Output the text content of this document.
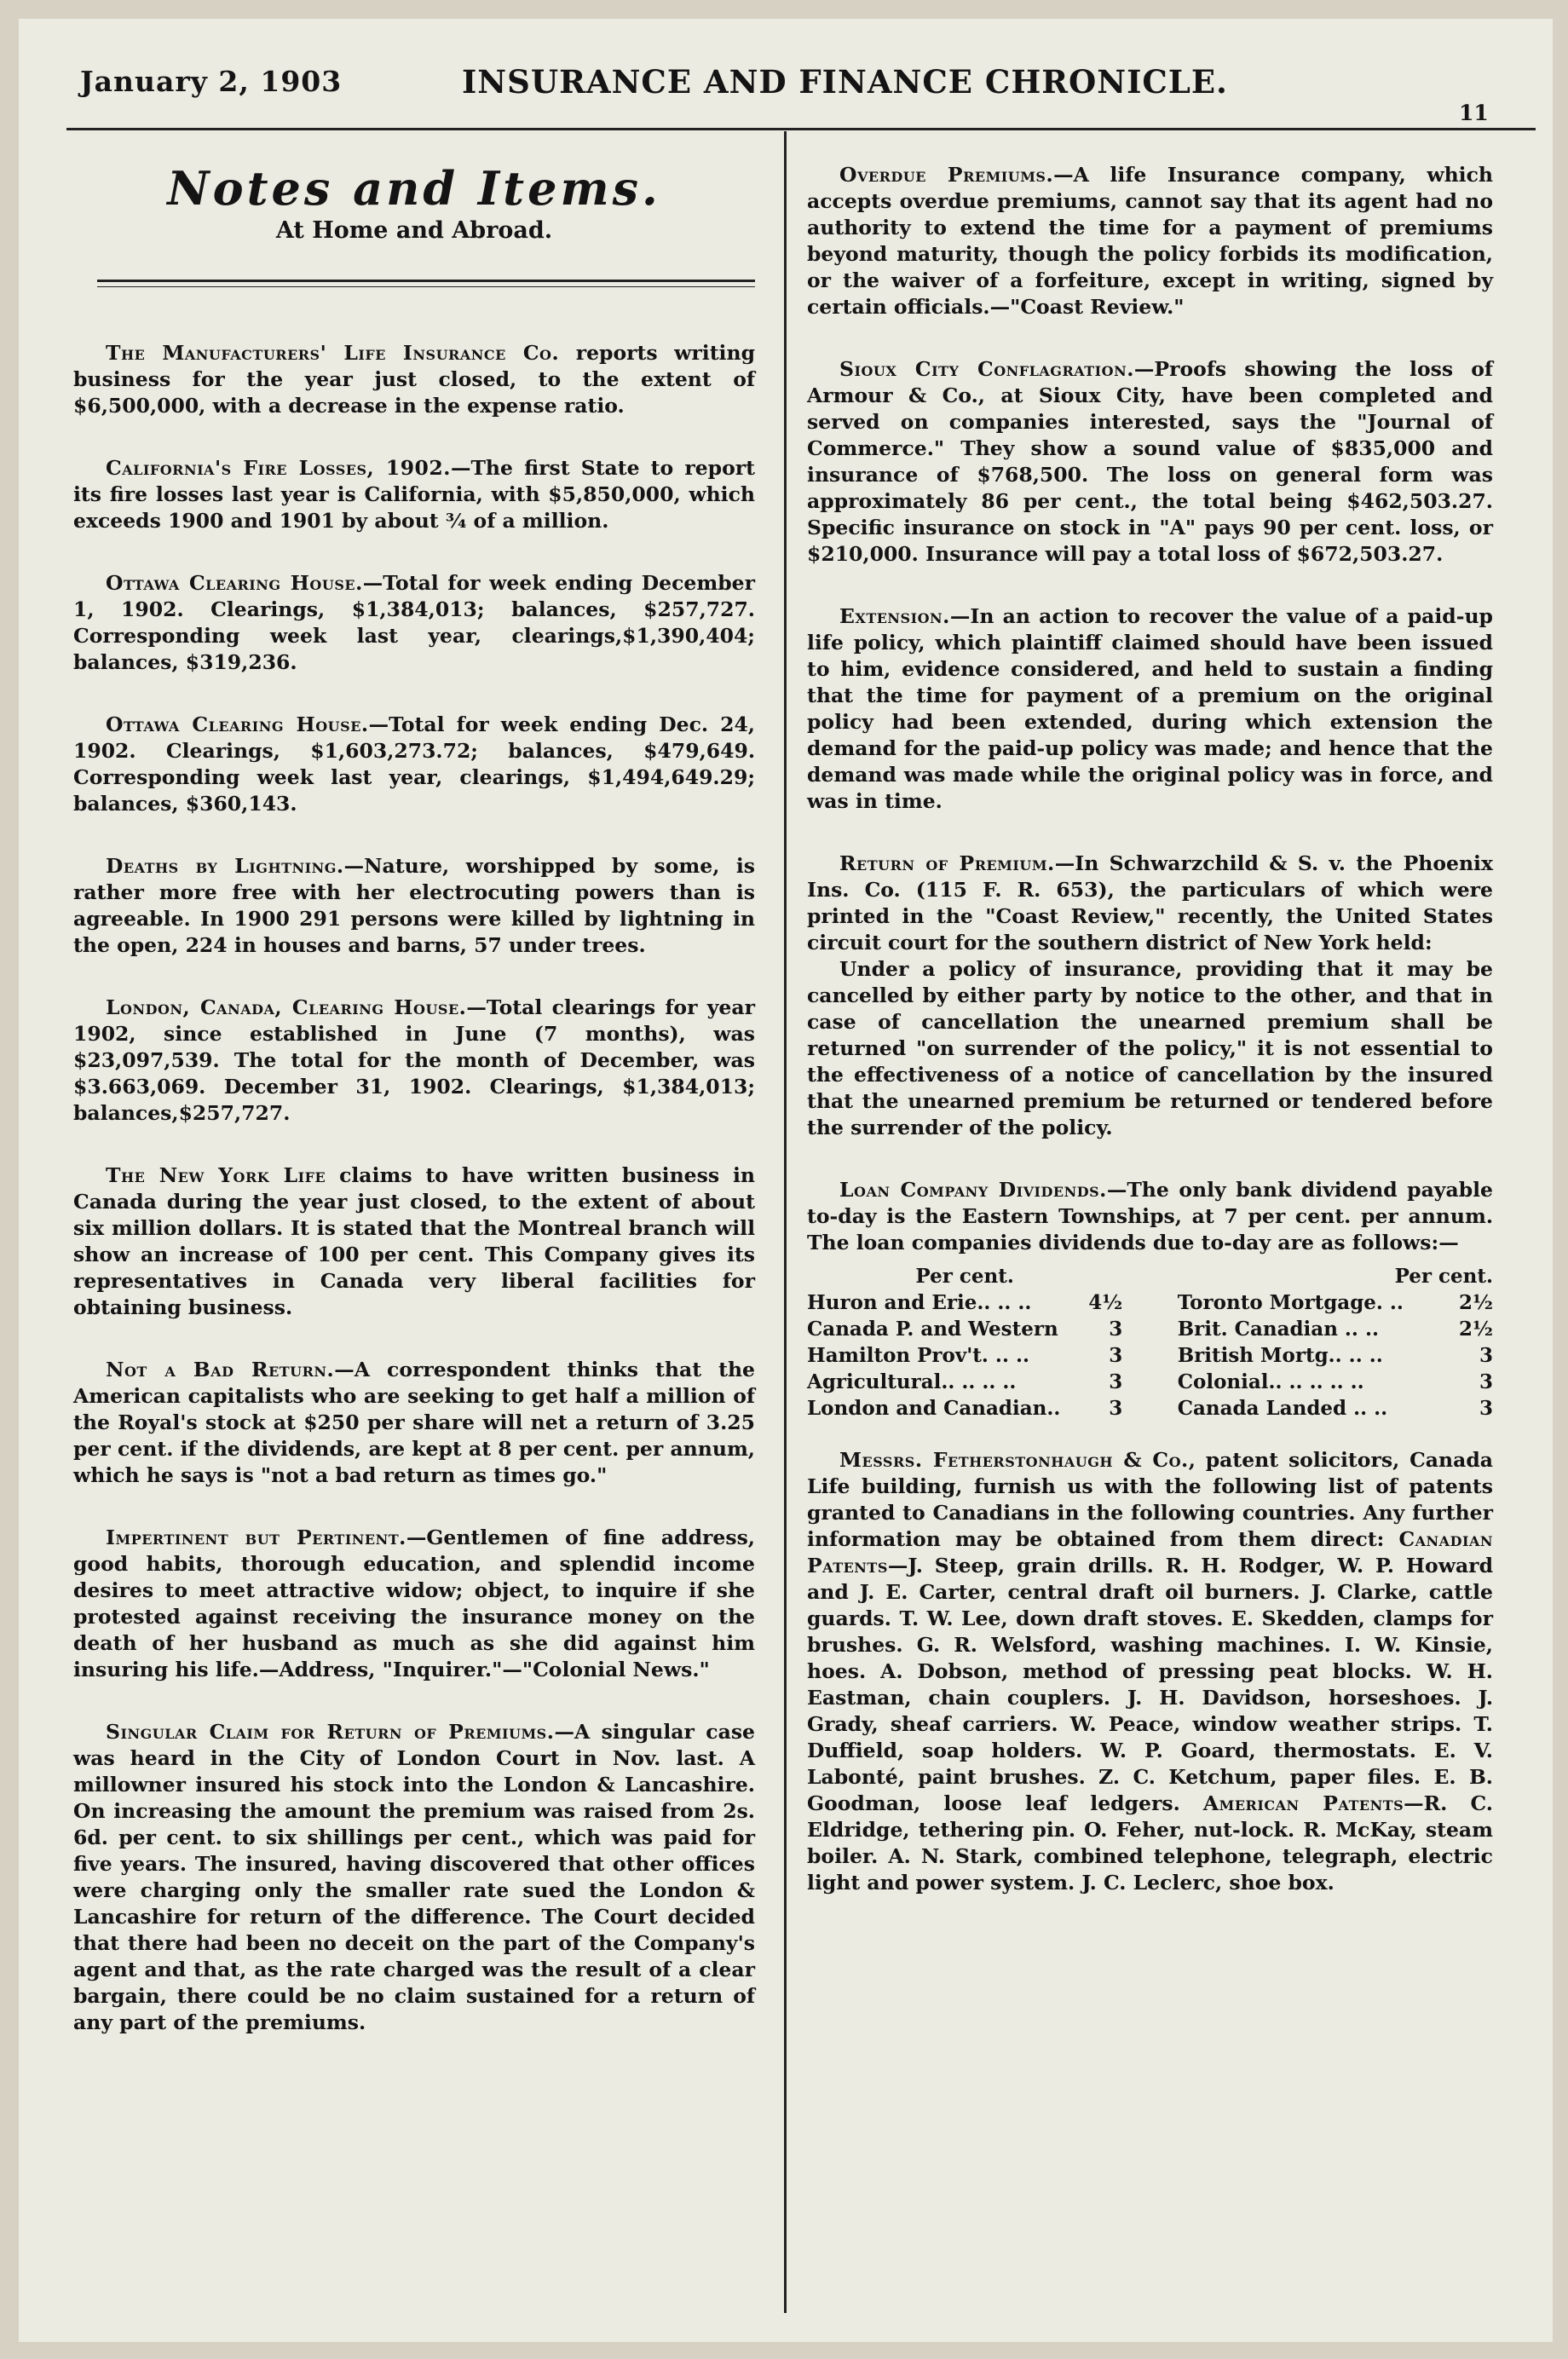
January 2, 1903	INSURANCE AND FINANCE CHRONICLE.
11
Notes and Items.
At Home and Abroad.

The Manufacturers' Life Insurance Co. reports writing business for the year just closed, to the extent of $6,500,000, with a decrease in the expense ratio.

California's Fire Losses, 1902.—The first State to report its fire losses last year is California, with $5,850,000, which exceeds 1900 and 1901 by about ¾ of a million.

Ottawa Clearing House.—Total for week ending December 1, 1902. Clearings, $1,384,013; balances, $257,727. Corresponding week last year, clearings,$1,390,404; balances, $319,236.

Ottawa Clearing House.—Total for week ending Dec. 24, 1902. Clearings, $1,603,273.72; balances, $479,649. Corresponding week last year, clearings, $1,494,649.29; balances, $360,143.

Deaths by Lightning.—Nature, worshipped by some, is rather more free with her electrocuting powers than is agreeable. In 1900 291 persons were killed by lightning in the open, 224 in houses and barns, 57 under trees.

London, Canada, Clearing House.—Total clearings for year 1902, since established in June (7 months), was $23,097,539. The total for the month of December, was $3.663,069. December 31, 1902. Clearings, $1,384,013; balances,$257,727.

The New York Life claims to have written business in Canada during the year just closed, to the extent of about six million dollars. It is stated that the Montreal branch will show an increase of 100 per cent. This Company gives its representatives in Canada very liberal facilities for obtaining business.

Not a Bad Return.—A correspondent thinks that the American capitalists who are seeking to get half a million of the Royal's stock at $250 per share will net a return of 3.25 per cent. if the dividends, are kept at 8 per cent. per annum, which he says is "not a bad return as times go."

Impertinent but Pertinent.—Gentlemen of fine address, good habits, thorough education, and splendid income desires to meet attractive widow; object, to inquire if she protested against receiving the insurance money on the death of her husband as much as she did against him insuring his life.—Address, "Inquirer."—"Colonial News."

Singular Claim for Return of Premiums.—A singular case was heard in the City of London Court in Nov. last. A millowner insured his stock into the London & Lancashire. On increasing the amount the premium was raised from 2s. 6d. per cent. to six shillings per cent., which was paid for five years. The insured, having discovered that other offices were charging only the smaller rate sued the London & Lancashire for return of the difference. The Court decided that there had been no deceit on the part of the Company's agent and that, as the rate charged was the result of a clear bargain, there could be no claim sustained for a return of any part of the premiums.

Overdue Premiums.—A life Insurance company, which accepts overdue premiums, cannot say that its agent had no authority to extend the time for a payment of premiums beyond maturity, though the policy forbids its modification, or the waiver of a forfeiture, except in writing, signed by certain officials.—"Coast Review."

Sioux City Conflagration.—Proofs showing the loss of Armour & Co., at Sioux City, have been completed and served on companies interested, says the "Journal of Commerce." They show a sound value of $835,000 and insurance of $768,500. The loss on general form was approximately 86 per cent., the total being $462,503.27. Specific insurance on stock in "A" pays 90 per cent. loss, or $210,000. Insurance will pay a total loss of $672,503.27.

Extension.—In an action to recover the value of a paid-up life policy, which plaintiff claimed should have been issued to him, evidence considered, and held to sustain a finding that the time for payment of a premium on the original policy had been extended, during which extension the demand for the paid-up policy was made; and hence that the demand was made while the original policy was in force, and was in time.

Return of Premium.—In Schwarzchild & S. v. the Phoenix Ins. Co. (115 F. R. 653), the particulars of which were printed in the "Coast Review," recently, the United States circuit court for the southern district of New York held:

Under a policy of insurance, providing that it may be cancelled by either party by notice to the other, and that in case of cancellation the unearned premium shall be returned "on surrender of the policy," it is not essential to the effectiveness of a notice of cancellation by the insured that the unearned premium be returned or tendered before the surrender of the policy.

Loan Company Dividends.—The only bank dividend payable to-day is the Eastern Townships, at 7 per cent. per annum. The loan companies dividends due to-day are as follows:—

Per cent.
Huron and Erie.. .. ..	4½
Canada P. and Western	3
Hamilton Prov't. .. ..	3
Agricultural.. .. .. ..	3
London and Canadian.. 3
Per cent.
Toronto Mortgage. ..	2½
Brit. Canadian .. ..	2½
British Mortg.. .. ..	3
Colonial.. .. .. .. ..	3
Canada Landed .. ..	3

Messrs. Fetherstonhaugh & Co., patent solicitors, Canada Life building, furnish us with the following list of patents granted to Canadians in the following countries. Any further information may be obtained from them direct: Canadian Patents—J. Steep, grain drills. R. H. Rodger, W. P. Howard and J. E. Carter, central draft oil burners. J. Clarke, cattle guards. T. W. Lee, down draft stoves. E. Skedden, clamps for brushes. G. R. Welsford, washing machines. I. W. Kinsie, hoes. A. Dobson, method of pressing peat blocks. W. H. Eastman, chain couplers. J. H. Davidson, horseshoes. J. Grady, sheaf carriers. W. Peace, window weather strips. T. Duffield, soap holders. W. P. Goard, thermostats. E. V. Labonté, paint brushes. Z. C. Ketchum, paper files. E. B. Goodman, loose leaf ledgers. American Patents—R. C. Eldridge, tethering pin. O. Feher, nut-lock. R. McKay, steam boiler. A. N. Stark, combined telephone, telegraph, electric light and power system. J. C. Leclerc, shoe box.
